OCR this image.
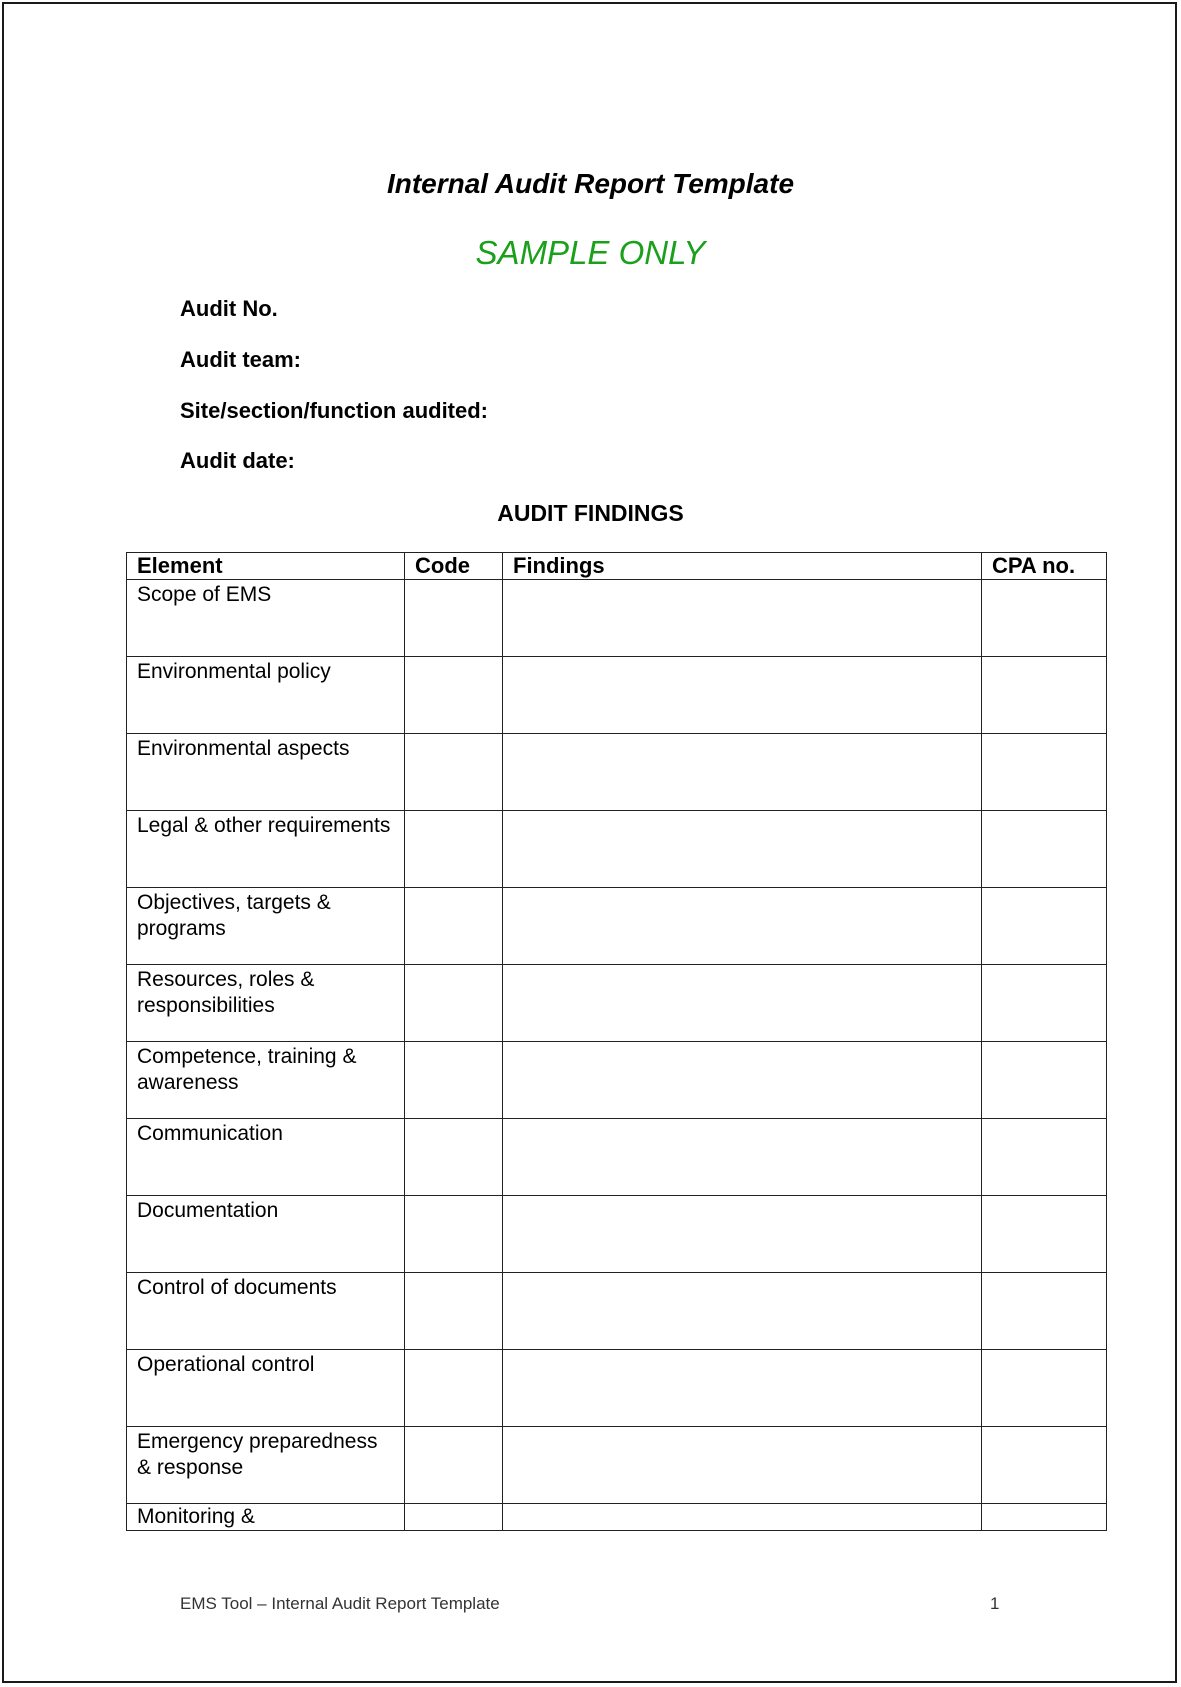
Internal Audit Report Template
SAMPLE ONLY
Audit No.
Audit team:
Site/section/function audited:
Audit date:
AUDIT FINDINGS
Element	Code	Findings	CPA no.
Scope of EMS			
Environmental policy			
Environmental aspects			
Legal & other requirements			
Objectives, targets & programs			
Resources, roles & responsibilities			
Competence, training & awareness			
Communication			
Documentation			
Control of documents			
Operational control			
Emergency preparedness & response			
Monitoring &			
EMS Tool – Internal Audit Report Template	1
